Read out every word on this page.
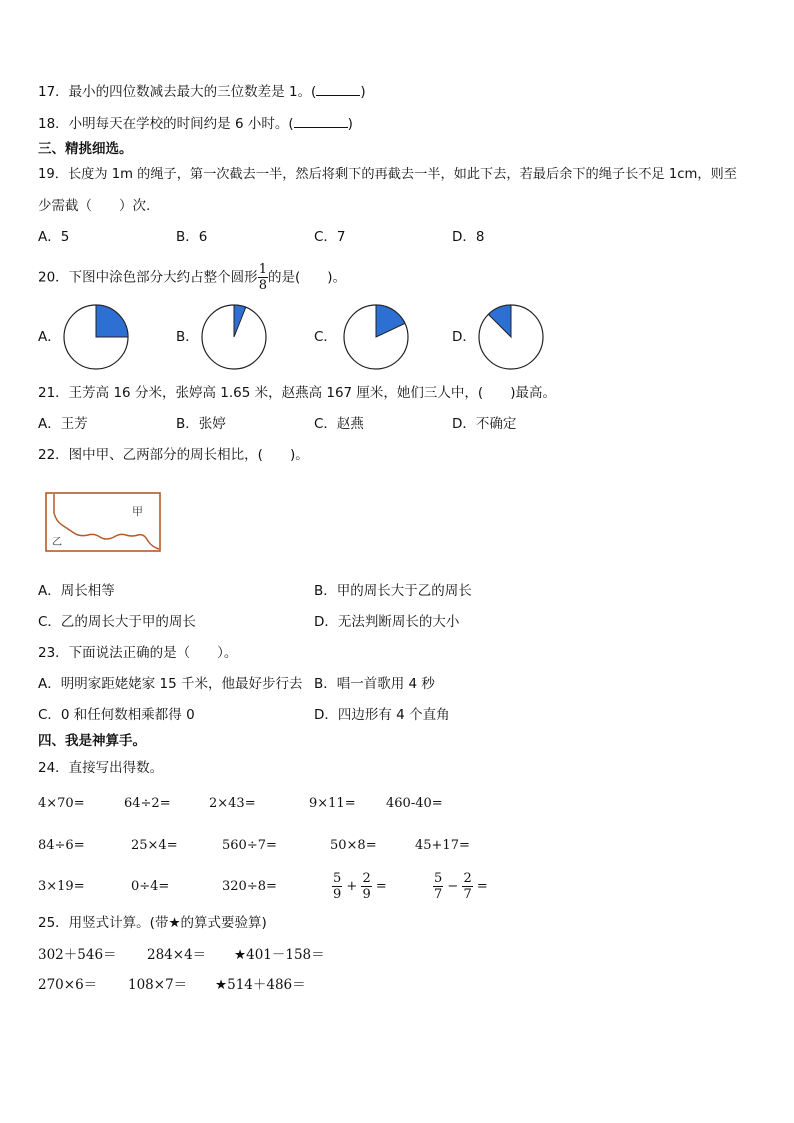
17．最小的四位数减去最大的三位数差是 1。(	)
18．小明每天在学校的时间约是 6 小时。(	)
三、精挑细选。
19．长度为 1m 的绳子，第一次截去一半，然后将剩下的再截去一半，如此下去，若最后余下的绳子长不足 1cm，则至
少需截（　　）次.
A．5	B．6	C．7	D．8
20．下图中涂色部分大约占整个圆形 $\frac{1}{8}$ 的是(　　)。
A．	B．	C．	D．
21．王芳高 16 分米，张婷高 1.65 米，赵燕高 167 厘米，她们三人中，(　　)最高。
A．王芳	B．张婷	C．赵燕	D．不确定
22．图中甲、乙两部分的周长相比，(　　)。
甲
乙
A．周长相等	B．甲的周长大于乙的周长
C．乙的周长大于甲的周长	D．无法判断周长的大小
23．下面说法正确的是（　　）。
A．明明家距姥姥家 15 千米，他最好步行去 B．唱一首歌用 4 秒
C．0 和任何数相乘都得 0	D．四边形有 4 个直角
四、我是神算手。
24．直接写出得数。
4×70=	64÷2=	2×43=	9×11= 460-40=
84÷6=	25×4=	560÷7=	50×8=	45+17=
3×19=	0÷4=	320÷8=	$\frac{5}{9} + \frac{2}{9}$ =	$\frac{5}{7} - \frac{2}{7}$ =
25．用竖式计算。(带★的算式要验算)
302＋546＝ 284×4＝ ★401－158＝
270×6＝ 108×7＝ ★514＋486＝
